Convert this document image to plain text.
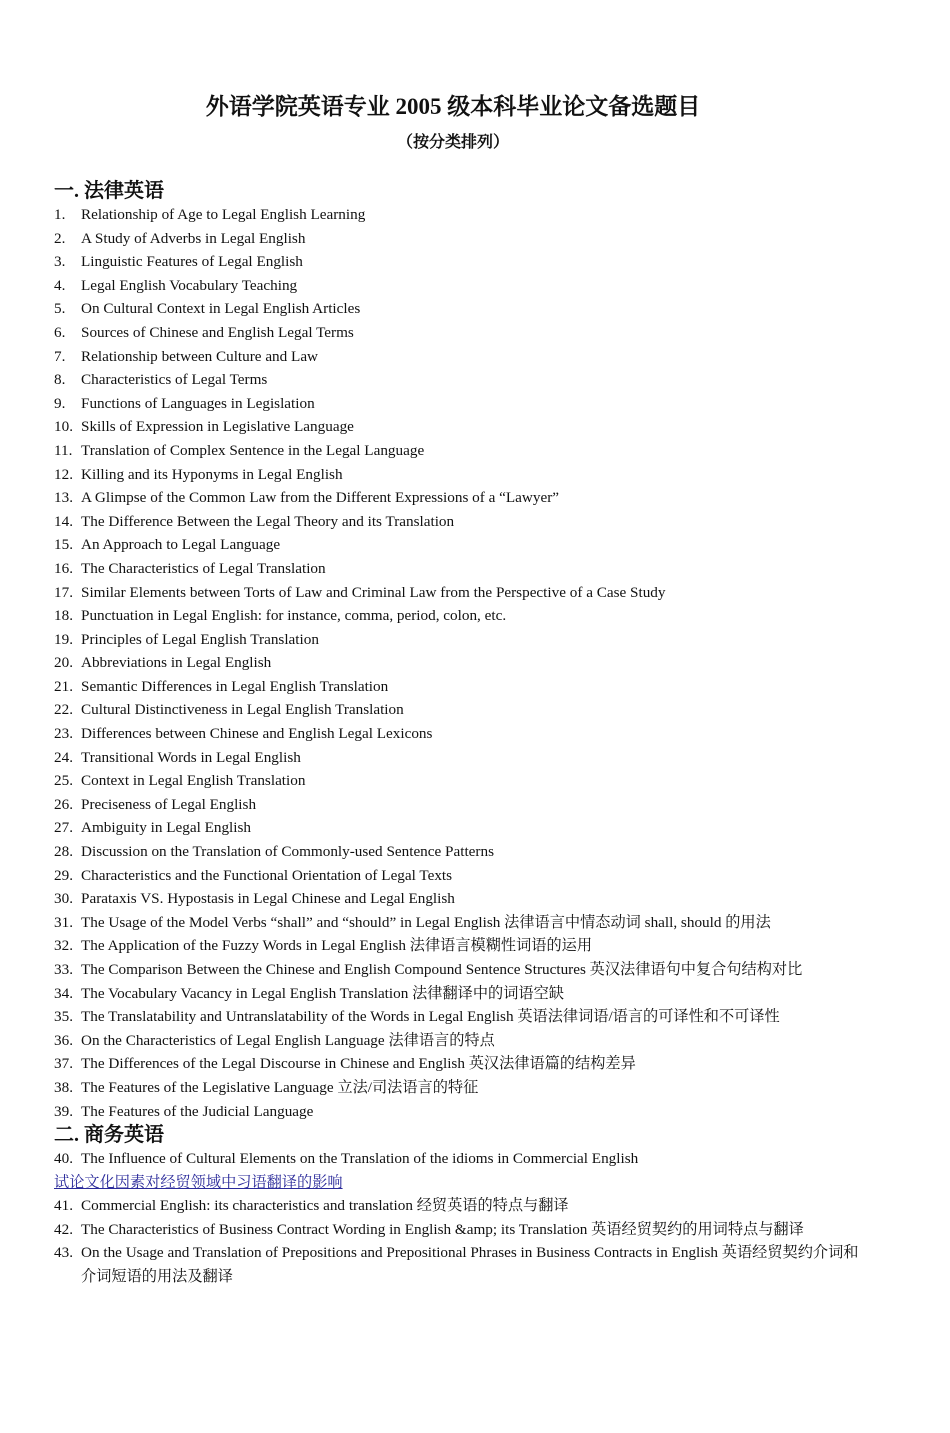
外语学院英语专业 2005 级本科毕业论文备选题目
（按分类排列）
一. 法律英语
1. Relationship of Age to Legal English Learning
2. A Study of Adverbs in Legal English
3. Linguistic Features of Legal English
4. Legal English Vocabulary Teaching
5. On Cultural Context in Legal English Articles
6. Sources of Chinese and English Legal Terms
7. Relationship between Culture and Law
8. Characteristics of Legal Terms
9. Functions of Languages in Legislation
10. Skills of Expression in Legislative Language
11. Translation of Complex Sentence in the Legal Language
12. Killing and its Hyponyms in Legal English
13. A Glimpse of the Common Law from the Different Expressions of a “Lawyer”
14. The Difference Between the Legal Theory and its Translation
15. An Approach to Legal Language
16. The Characteristics of Legal Translation
17. Similar Elements between Torts of Law and Criminal Law from the Perspective of a Case Study
18. Punctuation in Legal English: for instance, comma, period, colon, etc.
19. Principles of Legal English Translation
20. Abbreviations in Legal English
21. Semantic Differences in Legal English Translation
22. Cultural Distinctiveness in Legal English Translation
23. Differences between Chinese and English Legal Lexicons
24. Transitional Words in Legal English
25. Context in Legal English Translation
26. Preciseness of Legal English
27. Ambiguity in Legal English
28. Discussion on the Translation of Commonly-used Sentence Patterns
29. Characteristics and the Functional Orientation of Legal Texts
30. Parataxis VS. Hypostasis in Legal Chinese and Legal English
31. The Usage of the Model Verbs “shall” and “should” in Legal English 法律语言中情态动词 shall, should 的用法
32. The Application of the Fuzzy Words in Legal English 法律语言模糊性词语的运用
33. The Comparison Between the Chinese and English Compound Sentence Structures 英汉法律语句中复合句结构对比
34. The Vocabulary Vacancy in Legal English Translation 法律翻译中的词语空缺
35. The Translatability and Untranslatability of the Words in Legal English 英语法律词语/语言的可译性和不可译性
36. On the Characteristics of Legal English Language 法律语言的特点
37. The Differences of the Legal Discourse in Chinese and English 英汉法律语篇的结构差异
38. The Features of the Legislative Language 立法/司法语言的特征
39. The Features of the Judicial Language
二. 商务英语
40. The Influence of Cultural Elements on the Translation of the idioms in Commercial English
试论文化因素对经贸领域中习语翻译的影响
41. Commercial English: its characteristics and translation 经贸英语的特点与翻译
42. The Characteristics of Business Contract Wording in English &amp; its Translation 英语经贸契约的用词特点与翻译
43. On the Usage and Translation of Prepositions and Prepositional Phrases in Business Contracts in English 英语经贸契约介词和介词短语的用法及翻译
